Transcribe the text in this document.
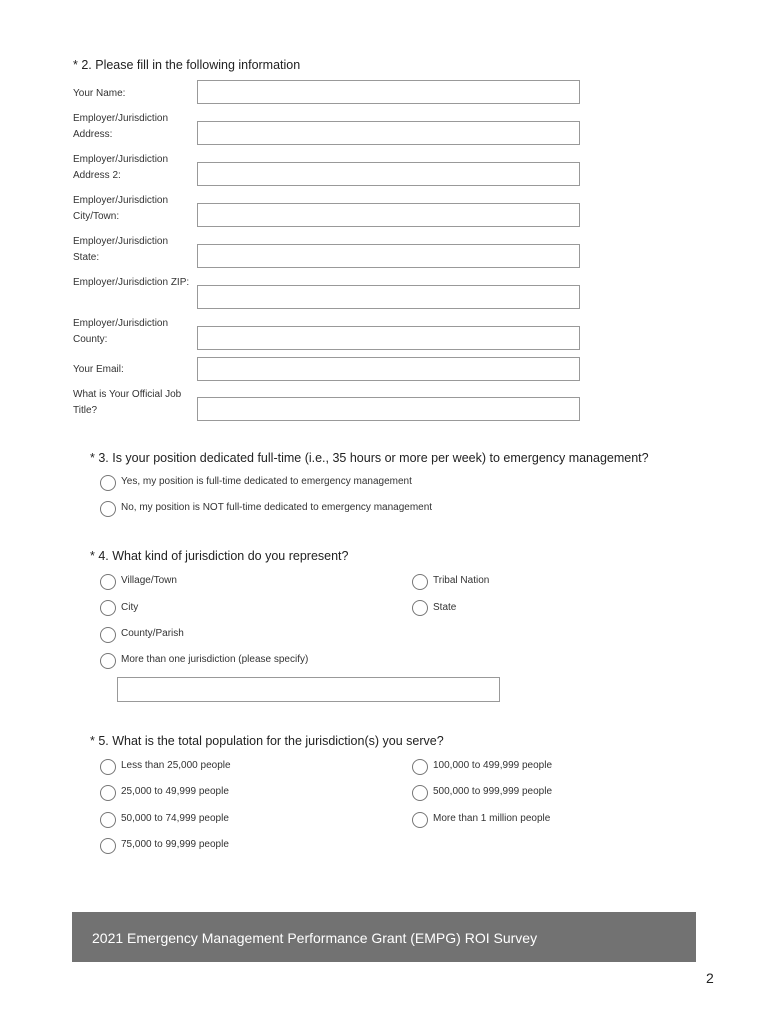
* 2. Please fill in the following information
Your Name:
Employer/Jurisdiction Address:
Employer/Jurisdiction Address 2:
Employer/Jurisdiction City/Town:
Employer/Jurisdiction State:
Employer/Jurisdiction ZIP:
Employer/Jurisdiction County:
Your Email:
What is Your Official Job Title?
* 3. Is your position dedicated full-time (i.e., 35 hours or more per week) to emergency management?
Yes, my position is full-time dedicated to emergency management
No, my position is NOT full-time dedicated to emergency management
* 4. What kind of jurisdiction do you represent?
Village/Town
City
County/Parish
More than one jurisdiction (please specify)
Tribal Nation
State
* 5. What is the total population for the jurisdiction(s) you serve?
Less than 25,000 people
25,000 to 49,999 people
50,000 to 74,999 people
75,000 to 99,999 people
100,000 to 499,999 people
500,000 to 999,999 people
More than 1 million people
2021 Emergency Management Performance Grant (EMPG) ROI Survey
2
